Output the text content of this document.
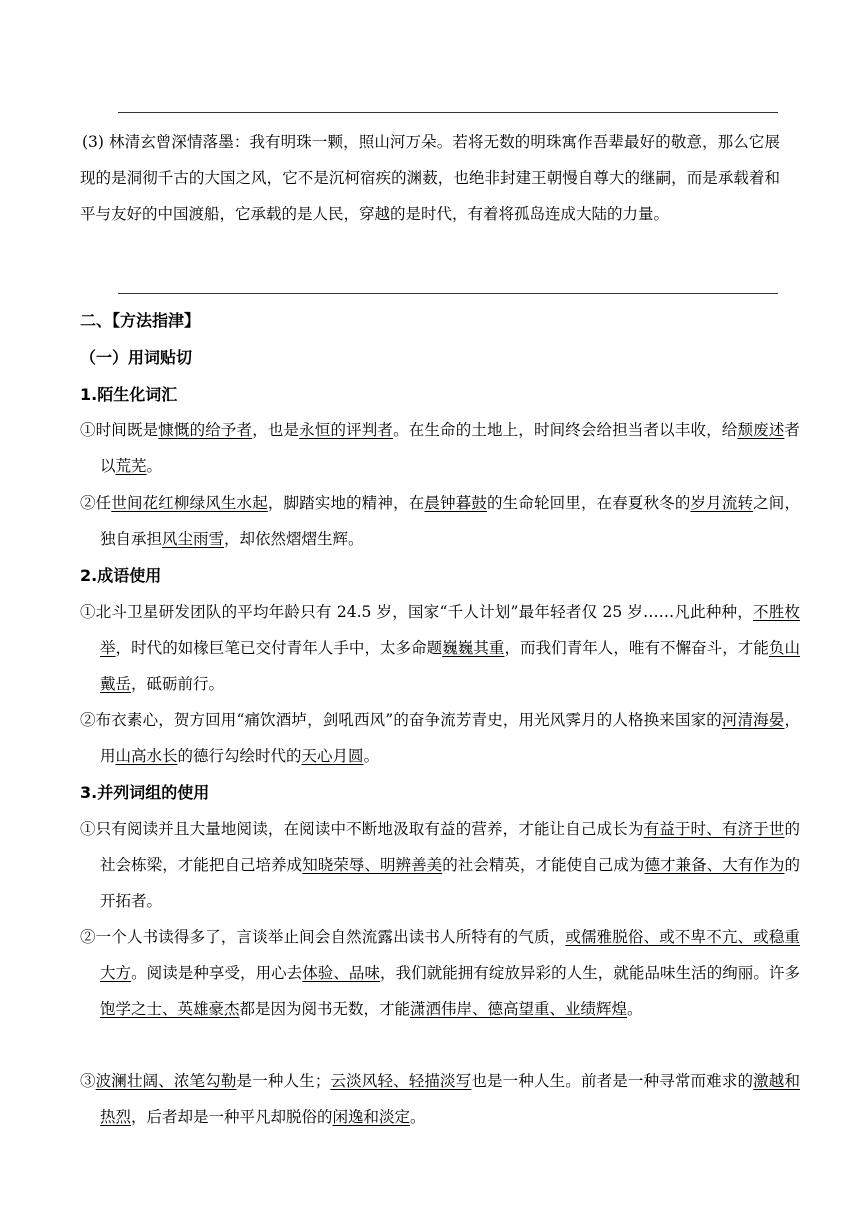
(3) 林清玄曾深情落墨：我有明珠一颗，照山河万朵。若将无数的明珠寓作吾辈最好的敬意，那么它展现的是洞彻千古的大国之风，它不是沉柯宿疾的渊薮，也绝非封建王朝慢自尊大的继嗣，而是承载着和平与友好的中国渡船，它承载的是人民，穿越的是时代，有着将孤岛连成大陆的力量。
二、【方法指津】
（一）用词贴切
1.陌生化词汇
①时间既是慷慨的给予者，也是永恒的评判者。在生命的土地上，时间终会给担当者以丰收，给颓废述者以荒芜。
②任世间花红柳绿风生水起，脚踏实地的精神，在晨钟暮鼓的生命轮回里，在春夏秋冬的岁月流转之间，独自承担风尘雨雪，却依然熠熠生辉。
2.成语使用
①北斗卫星研发团队的平均年龄只有 24.5 岁，国家“千人计划”最年轻者仅 25 岁……凡此种种，不胜枚举，时代的如椽巨笔已交付青年人手中，太多命题巍巍其重，而我们青年人，唯有不懈奋斗，才能负山戴岳，砥砺前行。
②布衣素心，贺方回用“痛饮酒垆，剑吼西风”的奋争流芳青史，用光风霁月的人格换来国家的河清海晏，用山高水长的德行勾绘时代的天心月圆。
3.并列词组的使用
①只有阅读并且大量地阅读，在阅读中不断地汲取有益的营养，才能让自己成长为有益于时、有济于世的社会栋梁，才能把自己培养成知晓荣辱、明辨善美的社会精英，才能使自己成为德才兼备、大有作为的开拓者。
②一个人书读得多了，言谈举止间会自然流露出读书人所特有的气质，或儒雅脱俗、或不卑不亢、或稳重大方。阅读是种享受，用心去体验、品味，我们就能拥有绽放异彩的人生，就能品味生活的绚丽。许多饱学之士、英雄豪杰都是因为阅书无数，才能潇洒伟岸、德高望重、业绩辉煌。
③波澜壮阔、浓笔勾勒是一种人生；云淡风轻、轻描淡写也是一种人生。前者是一种寻常而难求的激越和热烈，后者却是一种平凡却脱俗的闲逸和淡定。
